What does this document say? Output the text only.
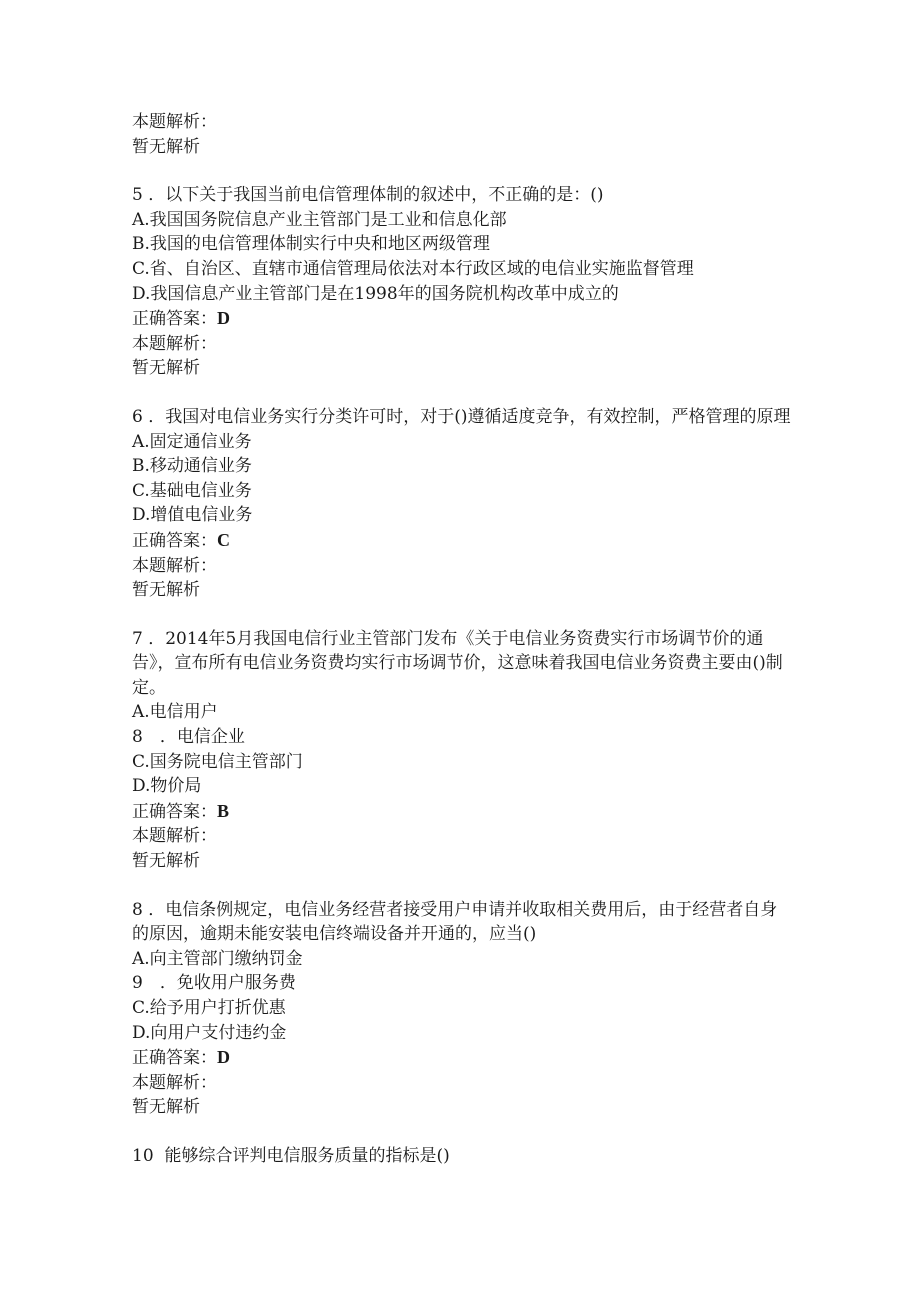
本题解析：

暂无解析

5 ．以下关于我国当前电信管理体制的叙述中，不正确的是：()

A.我国国务院信息产业主管部门是工业和信息化部

B.我国的电信管理体制实行中央和地区两级管理

C.省、自治区、直辖市通信管理局依法对本行政区域的电信业实施监督管理

D.我国信息产业主管部门是在1998年的国务院机构改革中成立的

正确答案：D

本题解析：

暂无解析

6 ．我国对电信业务实行分类许可时，对于()遵循适度竞争，有效控制，严格管理的原理

A.固定通信业务

B.移动通信业务

C.基础电信业务

D.增值电信业务

正确答案：C

本题解析：

暂无解析

7 ．2014年5月我国电信行业主管部门发布《关于电信业务资费实行市场调节价的通告》，宣布所有电信业务资费均实行市场调节价，这意味着我国电信业务资费主要由()制定。

A.电信用户

8　．电信企业

C.国务院电信主管部门

D.物价局

正确答案：B

本题解析：

暂无解析

8 ．电信条例规定，电信业务经营者接受用户申请并收取相关费用后，由于经营者自身的原因，逾期未能安装电信终端设备并开通的，应当()

A.向主管部门缴纳罚金

9　．免收用户服务费

C.给予用户打折优惠

D.向用户支付违约金

正确答案：D

本题解析：

暂无解析

10 能够综合评判电信服务质量的指标是()
